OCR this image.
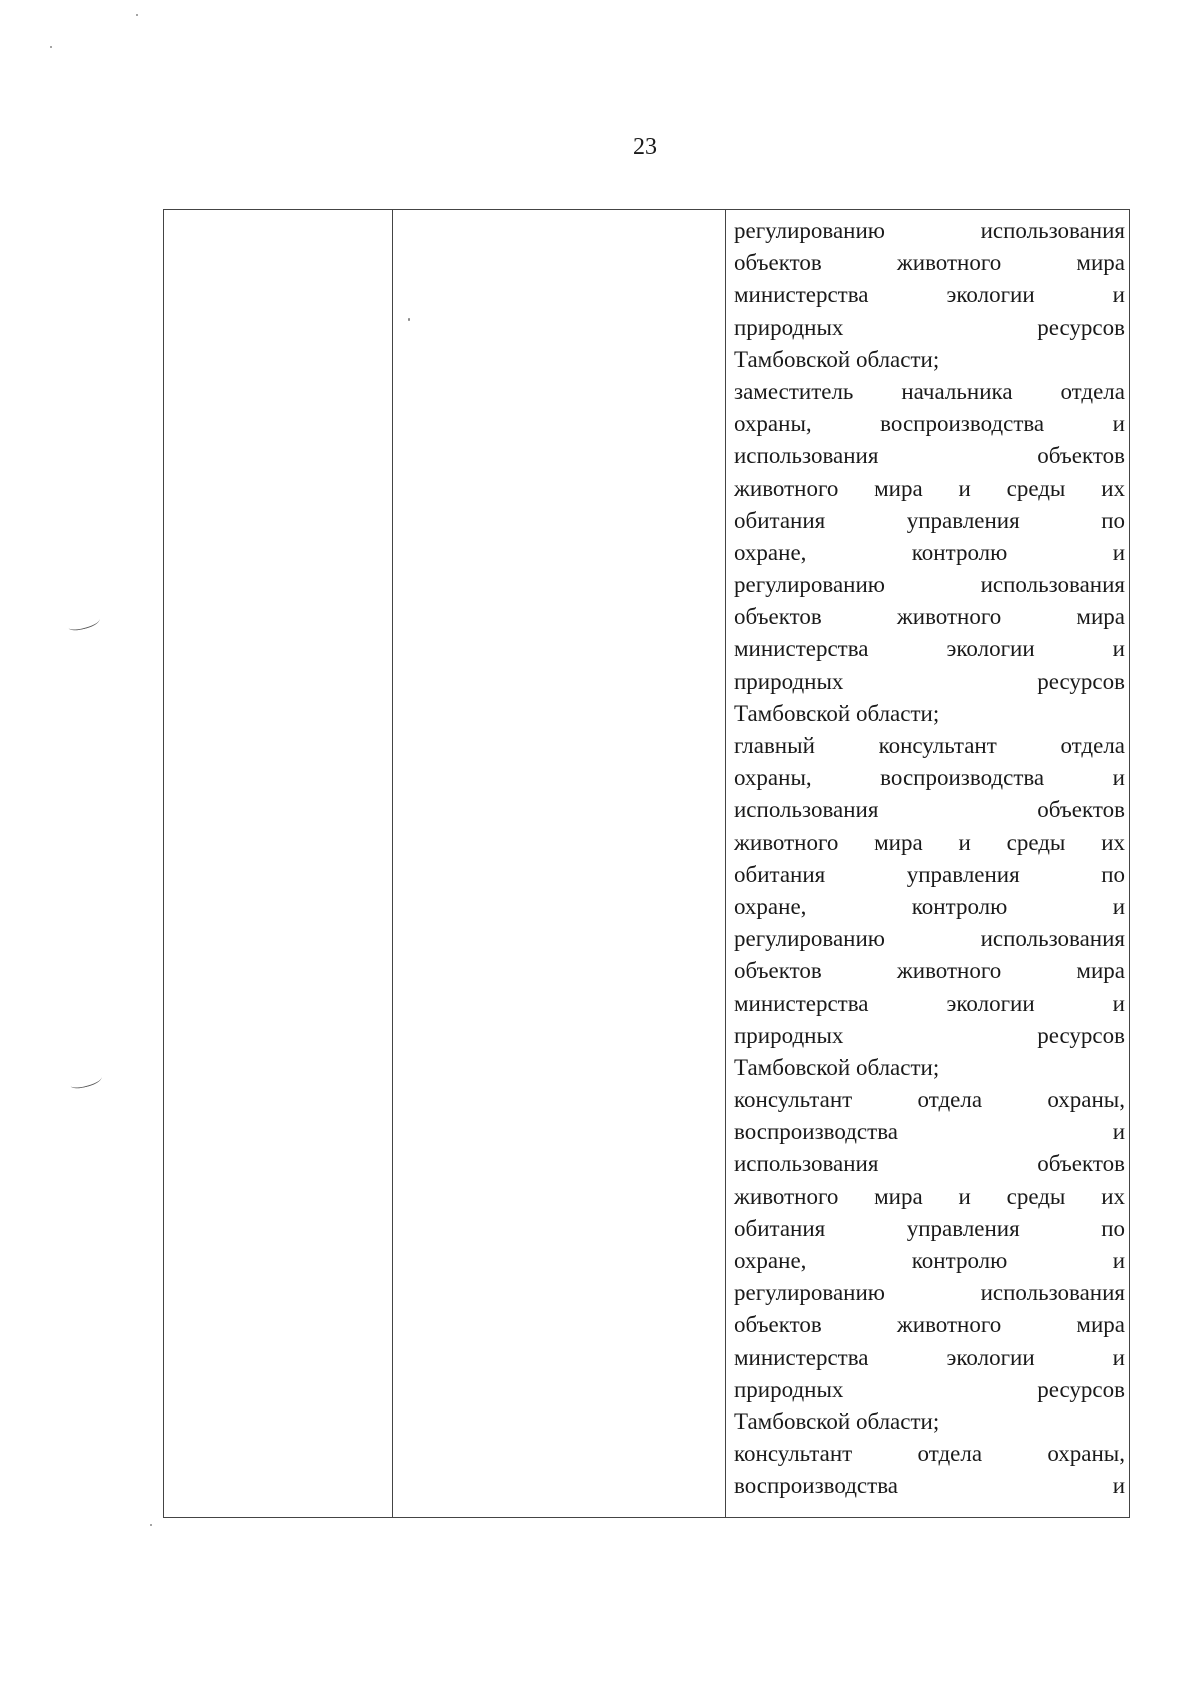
23

регулированию использования
объектов животного мира
министерства экологии и
природных ресурсов
Тамбовской области;
заместитель начальника отдела
охраны, воспроизводства и
использования объектов
животного мира и среды их
обитания управления по
охране, контролю и
регулированию использования
объектов животного мира
министерства экологии и
природных ресурсов
Тамбовской области;
главный консультант отдела
охраны, воспроизводства и
использования объектов
животного мира и среды их
обитания управления по
охране, контролю и
регулированию использования
объектов животного мира
министерства экологии и
природных ресурсов
Тамбовской области;
консультант отдела охраны,
воспроизводства и
использования объектов
животного мира и среды их
обитания управления по
охране, контролю и
регулированию использования
объектов животного мира
министерства экологии и
природных ресурсов
Тамбовской области;
консультант отдела охраны,
воспроизводства и
